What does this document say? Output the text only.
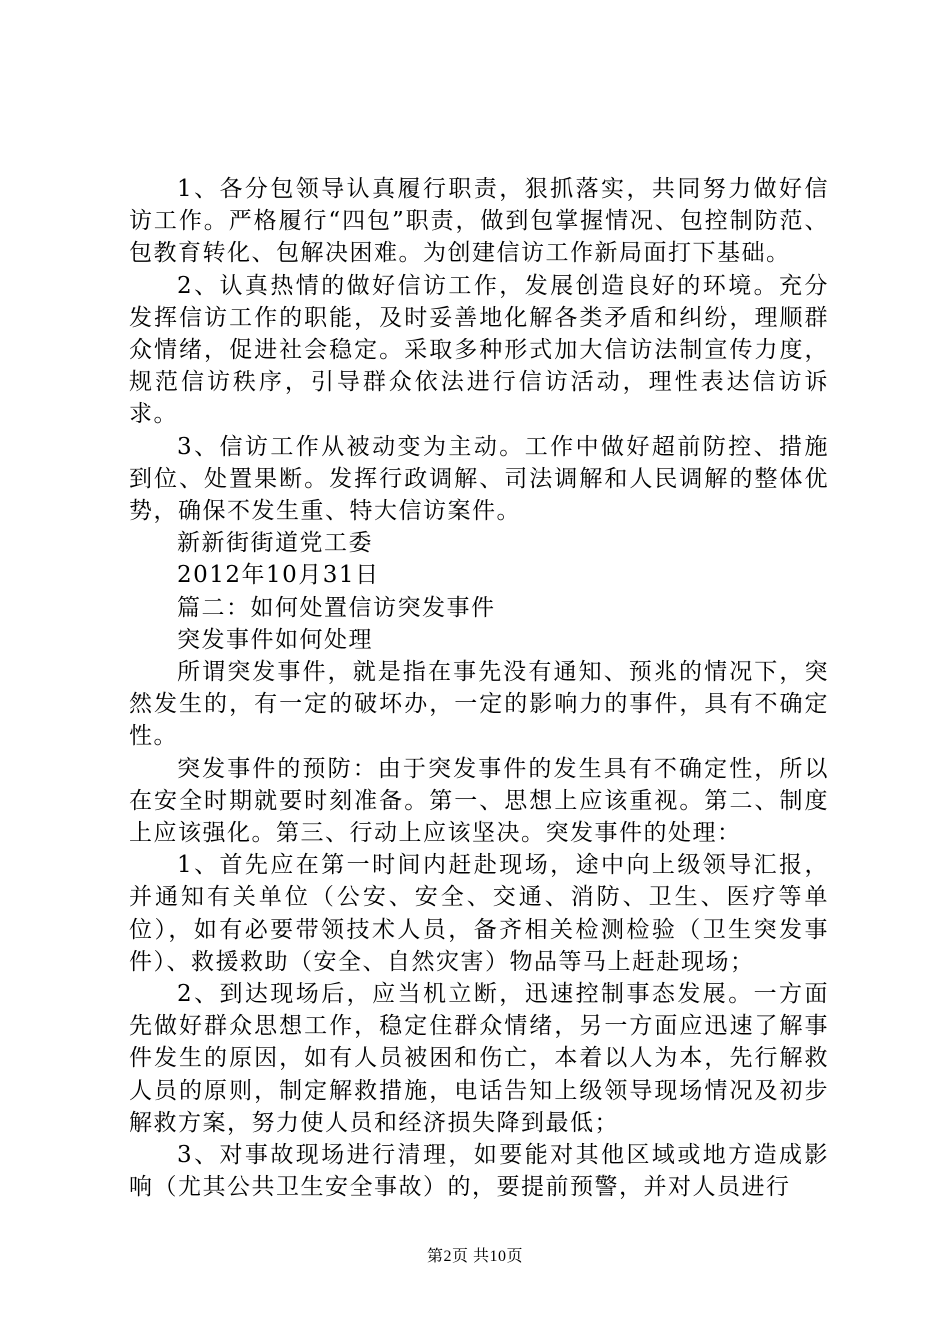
1、各分包领导认真履行职责，狠抓落实，共同努力做好信访工作。严格履行“四包”职责，做到包掌握情况、包控制防范、包教育转化、包解决困难。为创建信访工作新局面打下基础。

2、认真热情的做好信访工作，发展创造良好的环境。充分发挥信访工作的职能，及时妥善地化解各类矛盾和纠纷，理顺群众情绪，促进社会稳定。采取多种形式加大信访法制宣传力度，规范信访秩序，引导群众依法进行信访活动，理性表达信访诉求。

3、信访工作从被动变为主动。工作中做好超前防控、措施到位、处置果断。发挥行政调解、司法调解和人民调解的整体优势，确保不发生重、特大信访案件。

新新街街道党工委

2012年10月31日

篇二：如何处置信访突发事件

突发事件如何处理

所谓突发事件，就是指在事先没有通知、预兆的情况下，突然发生的，有一定的破坏办，一定的影响力的事件，具有不确定性。

突发事件的预防：由于突发事件的发生具有不确定性，所以在安全时期就要时刻准备。第一、思想上应该重视。第二、制度上应该强化。第三、行动上应该坚决。突发事件的处理：

1、首先应在第一时间内赶赴现场，途中向上级领导汇报，并通知有关单位（公安、安全、交通、消防、卫生、医疗等单位），如有必要带领技术人员，备齐相关检测检验（卫生突发事件）、救援救助（安全、自然灾害）物品等马上赶赴现场；

2、到达现场后，应当机立断，迅速控制事态发展。一方面先做好群众思想工作，稳定住群众情绪，另一方面应迅速了解事件发生的原因，如有人员被困和伤亡，本着以人为本，先行解救人员的原则，制定解救措施，电话告知上级领导现场情况及初步解救方案，努力使人员和经济损失降到最低；

3、对事故现场进行清理，如要能对其他区域或地方造成影响（尤其公共卫生安全事故）的，要提前预警，并对人员进行

第2页 共10页
